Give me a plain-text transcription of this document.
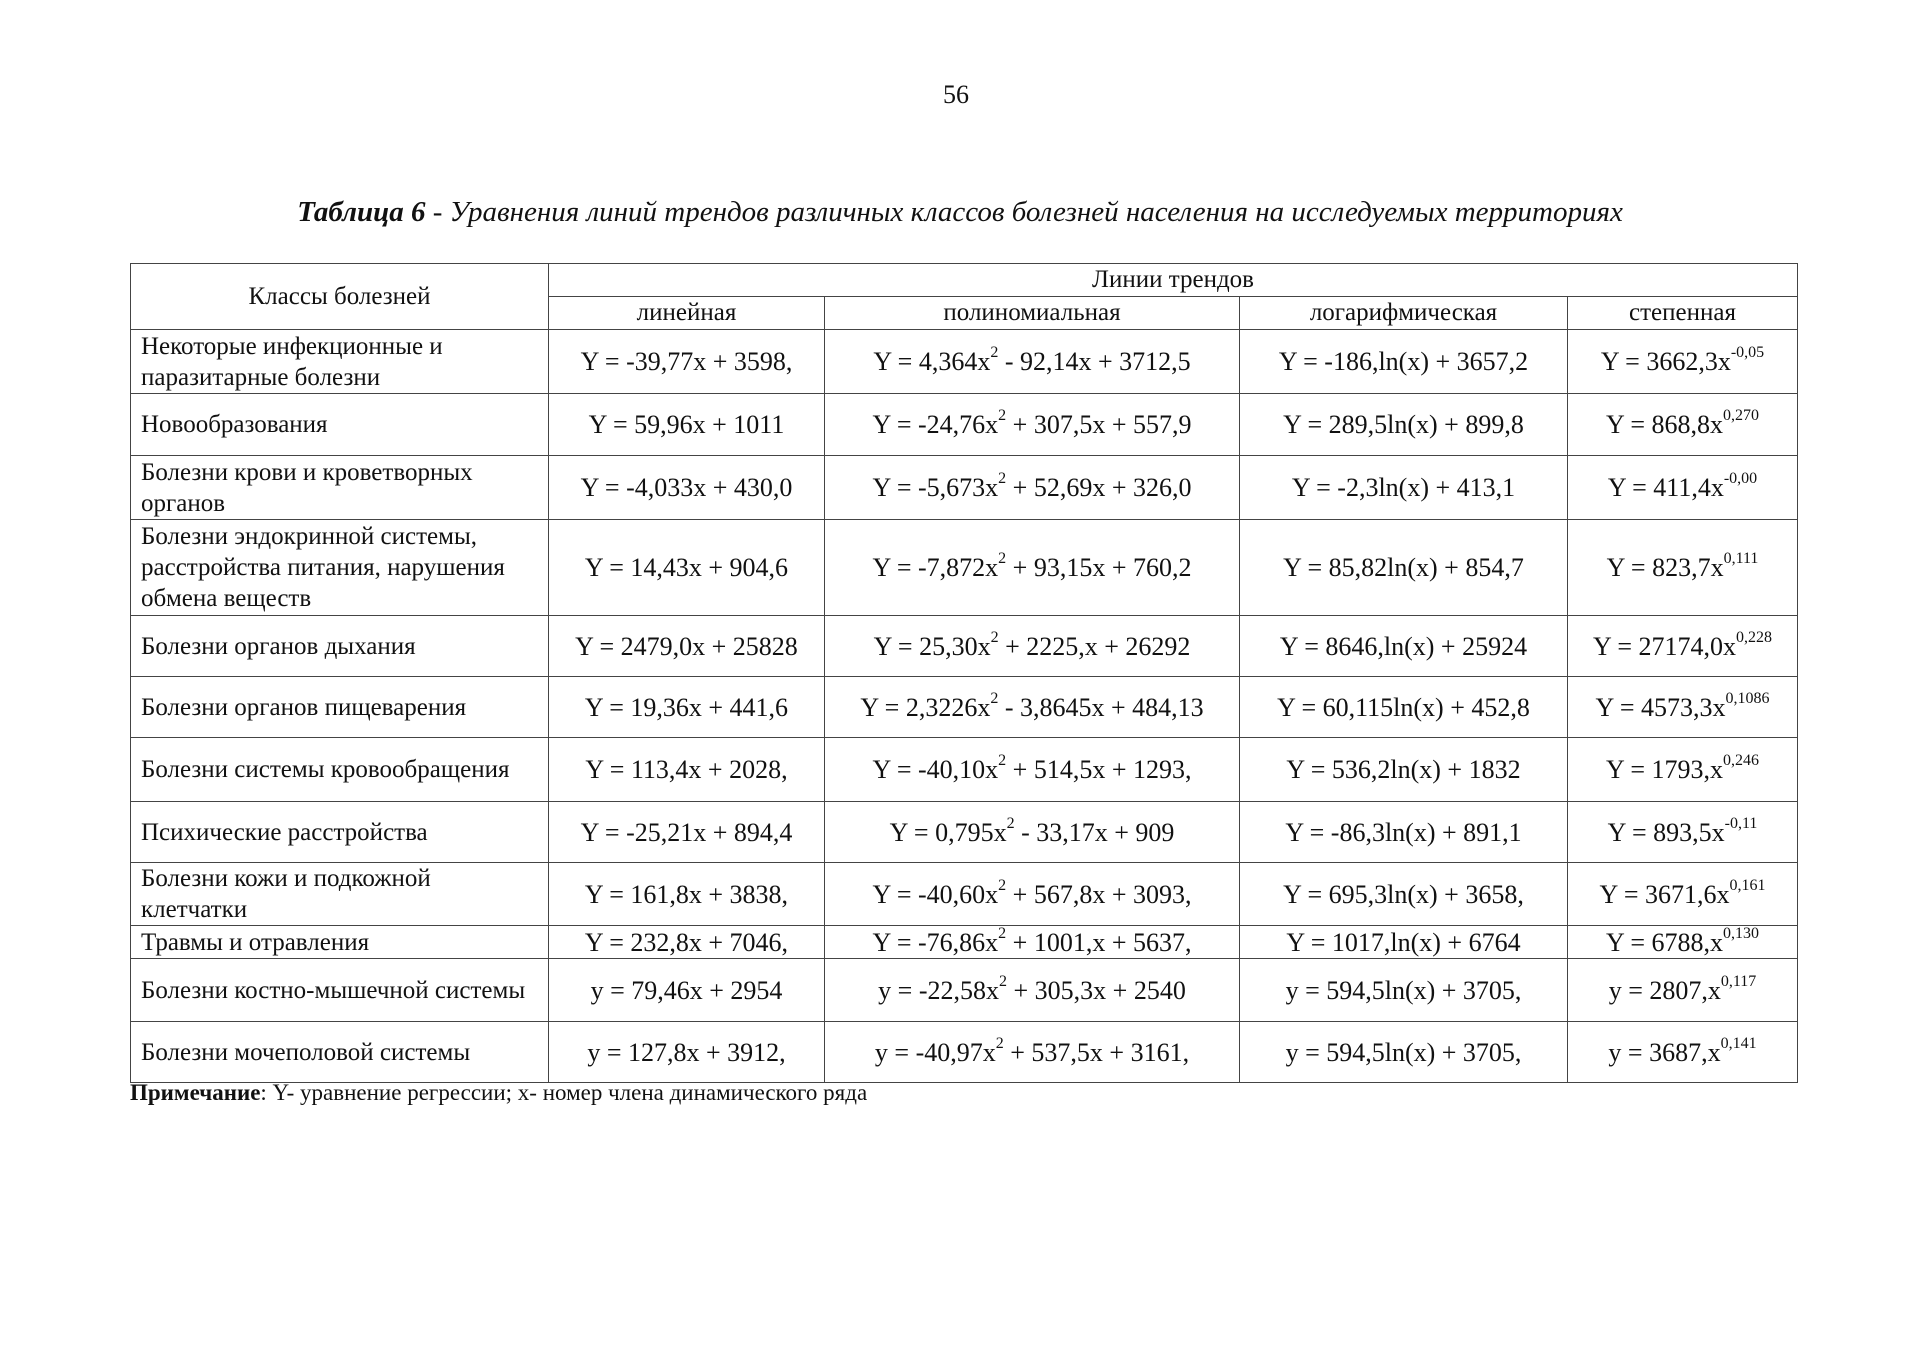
56
Таблица 6 - Уравнения линий трендов различных классов болезней населения на исследуемых территориях
Классы болезней	Линии трендов			
	линейная	полиномиальная	логарифмическая	степенная
Некоторые инфекционные и паразитарные болезни	Y = -39,77x + 3598,	$Y = 4,364x^2 - 92,14x + 3712,5$	Y = -186,ln(x) + 3657,2	$Y = 3662,3x^{-0,05}$
Новообразования	Y = 59,96x + 1011	$Y = -24,76x^2 + 307,5x + 557,9$	Y = 289,5ln(x) + 899,8	$Y = 868,8x^{0,270}$
Болезни крови и кроветворных органов	Y = -4,033x + 430,0	$Y = -5,673x^2 + 52,69x + 326,0$	Y = -2,3ln(x) + 413,1	$Y = 411,4x^{-0,00}$
Болезни эндокринной системы, расстройства питания, нарушения обмена веществ	Y = 14,43x + 904,6	$Y = -7,872x^2 + 93,15x + 760,2$	Y = 85,82ln(x) + 854,7	$Y = 823,7x^{0,111}$
Болезни органов дыхания	Y = 2479,0x + 25828	$Y = 25,30x^2 + 2225,x + 26292$	Y = 8646,ln(x) + 25924	$Y = 27174,0x^{0,228}$
Болезни органов пищеварения	Y = 19,36x + 441,6	$Y = 2,3226x^2 - 3,8645x + 484,13$	Y = 60,115ln(x) + 452,8	$Y = 4573,3x^{0,1086}$
Болезни системы кровообращения	Y = 113,4x + 2028,	$Y = -40,10x^2 + 514,5x + 1293$,	Y = 536,2ln(x) + 1832	$Y = 1793,x^{0,246}$
Психические расстройства	Y = -25,21x + 894,4	$Y = 0,795x^2 - 33,17x + 909$	Y = -86,3ln(x) + 891,1	$Y = 893,5x^{-0,11}$
Болезни кожи и подкожной клетчатки	Y = 161,8x + 3838,	$Y = -40,60x^2 + 567,8x + 3093$,	Y = 695,3ln(x) + 3658,	$Y = 3671,6x^{0,161}$
Травмы и отравления	Y = 232,8x + 7046,	$Y = -76,86x^2 + 1001,x + 5637$,	Y = 1017,ln(x) + 6764	$Y = 6788,x^{0,130}$
Болезни костно-мышечной системы	y = 79,46x + 2954	$y = -22,58x^2 + 305,3x + 2540$	y = 594,5ln(x) + 3705,	$y = 2807,x^{0,117}$
Болезни мочеполовой системы	y = 127,8x + 3912,	$y = -40,97x^2 + 537,5x + 3161$,	y = 594,5ln(x) + 3705,	$y = 3687,x^{0,141}$
Примечание: Y- уравнение регрессии; x- номер члена динамического ряда
